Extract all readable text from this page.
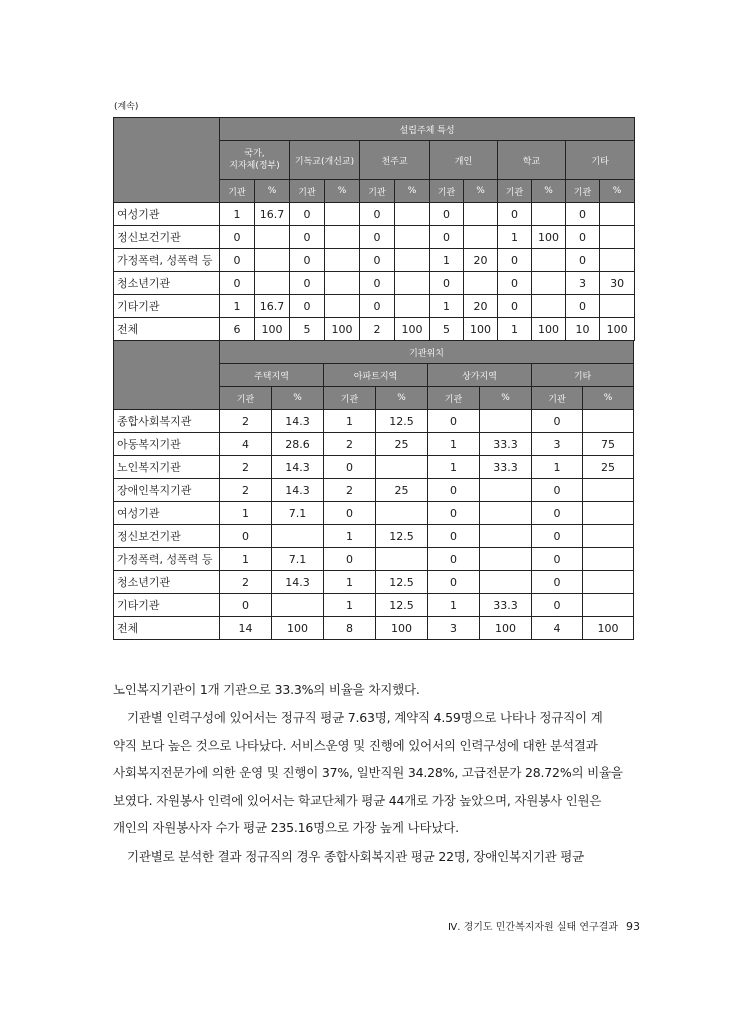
(계속)
	설립주체 특성											
	국가,
지자체(정부)		기독교(개신교)		천주교		개인		학교		기타	
	기관	%	기관	%	기관	%	기관	%	기관	%	기관	%
여성기관	1	16.7	0		0		0		0		0	
정신보건기관	0		0		0		0		1	100	0	
가정폭력, 성폭력 등	0		0		0		1	20	0		0	
청소년기관	0		0		0		0		0		3	30
기타기관	1	16.7	0		0		1	20	0		0	
전체	6	100	5	100	2	100	5	100	1	100	10	100
	기관위치							
	주택지역		아파트지역		상가지역		기타	
	기관	%	기관	%	기관	%	기관	%
종합사회복지관	2	14.3	1	12.5	0		0	
아동복지기관	4	28.6	2	25	1	33.3	3	75
노인복지기관	2	14.3	0		1	33.3	1	25
장애인복지기관	2	14.3	2	25	0		0	
여성기관	1	7.1	0		0		0	
정신보건기관	0		1	12.5	0		0	
가정폭력, 성폭력 등	1	7.1	0		0		0	
청소년기관	2	14.3	1	12.5	0		0	
기타기관	0		1	12.5	1	33.3	0	
전체	14	100	8	100	3	100	4	100
노인복지기관이 1개 기관으로 33.3%의 비율을 차지했다.
기관별 인력구성에 있어서는 정규직 평균 7.63명, 계약직 4.59명으로 나타나 정규직이 계
약직 보다 높은 것으로 나타났다. 서비스운영 및 진행에 있어서의 인력구성에 대한 분석결과
사회복지전문가에 의한 운영 및 진행이 37%, 일반직원 34.28%, 고급전문가 28.72%의 비율을
보였다. 자원봉사 인력에 있어서는 학교단체가 평균 44개로 가장 높았으며, 자원봉사 인원은
개인의 자원봉사자 수가 평균 235.16명으로 가장 높게 나타났다.
기관별로 분석한 결과 정규직의 경우 종합사회복지관 평균 22명, 장애인복지기관 평균
Ⅳ. 경기도 민간복지자원 실태 연구결과 93
